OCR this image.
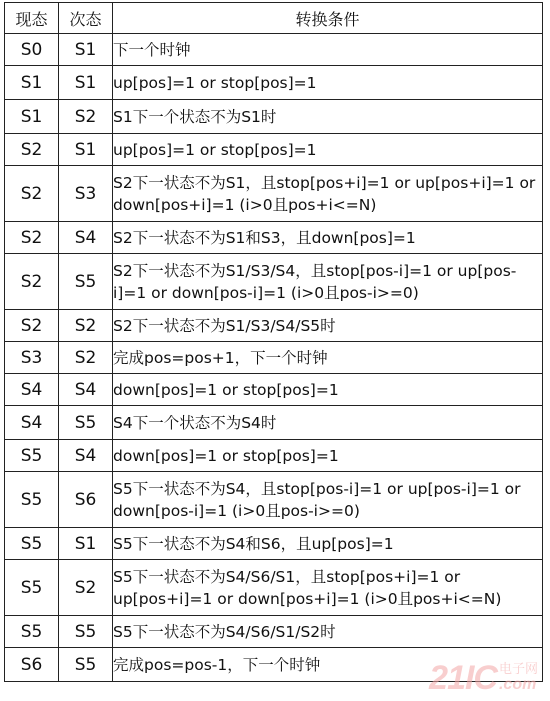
现态	次态	转换条件
S0	S1	下一个时钟
S1	S1	up[pos]=1 or stop[pos]=1
S1	S2	S1下一个状态不为S1时
S2	S1	up[pos]=1 or stop[pos]=1
S2	S3	S2下一状态不为S1，且stop[pos+i]=1 or up[pos+i]=1 or down[pos+i]=1 (i>0且pos+i<=N)
S2	S4	S2下一状态不为S1和S3，且down[pos]=1
S2	S5	S2下一状态不为S1/S3/S4，且stop[pos-i]=1 or up[pos-i]=1 or down[pos-i]=1 (i>0且pos-i>=0)
S2	S2	S2下一状态不为S1/S3/S4/S5时
S3	S2	完成pos=pos+1，下一个时钟
S4	S4	down[pos]=1 or stop[pos]=1
S4	S5	S4下一个状态不为S4时
S5	S4	down[pos]=1 or stop[pos]=1
S5	S6	S5下一状态不为S4，且stop[pos-i]=1 or up[pos-i]=1 or down[pos-i]=1 (i>0且pos-i>=0)
S5	S1	S5下一状态不为S4和S6，且up[pos]=1
S5	S2	S5下一状态不为S4/S6/S1，且stop[pos+i]=1 or up[pos+i]=1 or down[pos+i]=1 (i>0且pos+i<=N)
S5	S5	S5下一状态不为S4/S6/S1/S2时
S6	S5	完成pos=pos-1，下一个时钟	21IC 电子网
.com
